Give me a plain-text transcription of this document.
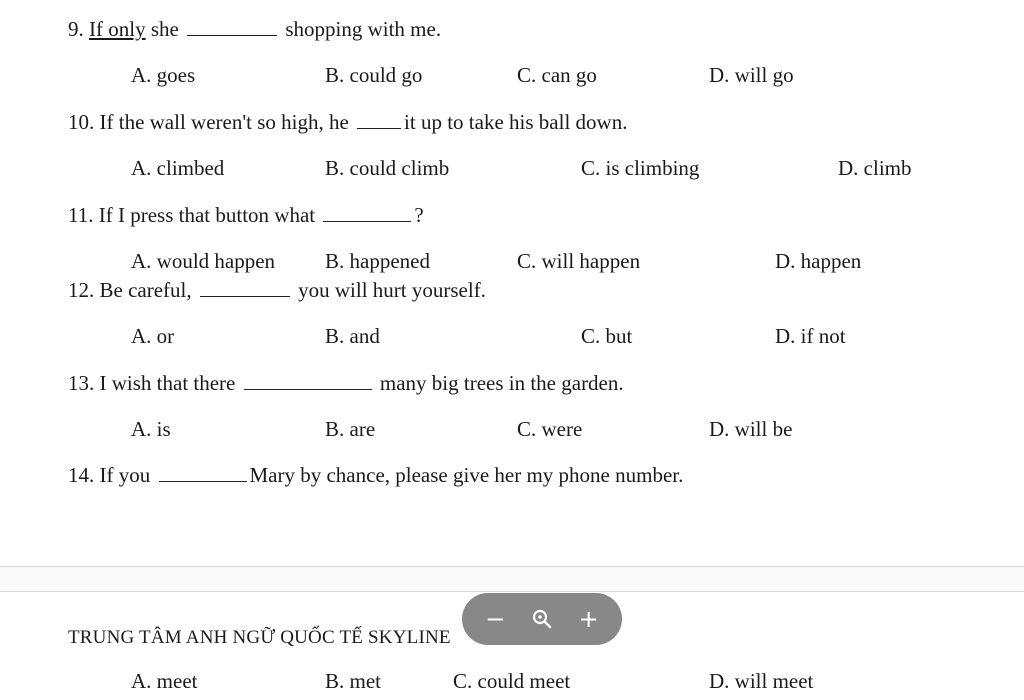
9. If only she	shopping with me.
A. goes	B. could go	C. can go	D. will go
10. If the wall weren't so high, he	it up to take his ball down.
A. climbed	B. could climb	C. is climbing	D. climb
11. If I press that button what	?
A. would happen B. happened	C. will happen	D. happen
12. Be careful,	you will hurt yourself.
A. or	B. and	C. but	D. if not
13. I wish that there	many big trees in the garden.
A. is	B. are	C. were	D. will be
14. If you	Mary by chance, please give her my phone number.
TRUNG TÂM ANH NGỮ QUỐC TẾ SKYLINE
A. meet	B. met	C. could meet	D. will meet
−	+
